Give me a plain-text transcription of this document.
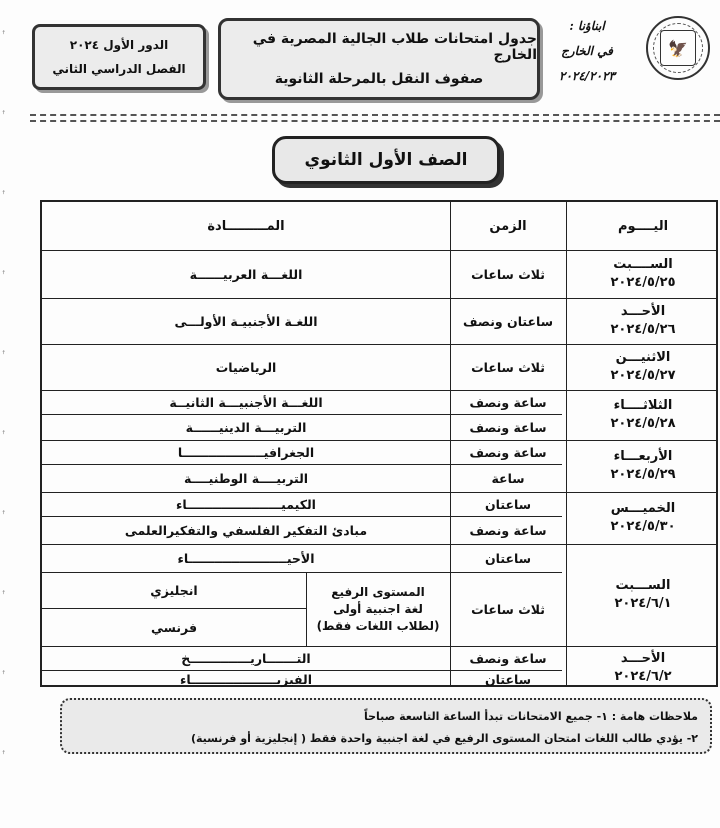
ꜛ
ꜛ
ꜛ
ꜛ
ꜛ
ꜛ
ꜛ
ꜛ
ꜛ
ꜛ
🦅
ابناؤنا :
في الخارج
٢٠٢٤/٢٠٢٣
جدول امتحانات طلاب الجالية المصرية في الخارج
صفوف النقل بالمرحلة الثانوية
الدور الأول ٢٠٢٤
الفصل الدراسي الثاني
الصف الأول الثانوي
اليــــوم
الزمن
المـــــــــادة
الســــبت
٢٠٢٤/٥/٢٥
ثلاث ساعات
اللغـــة العربيــــــة
الأحـــد
٢٠٢٤/٥/٢٦
ساعتان ونصف
اللغـة الأجنبيـة الأولـــى
الاثنيـــن
٢٠٢٤/٥/٢٧
ثلاث ساعات
الرياضيات
الثلاثــــاء
٢٠٢٤/٥/٢٨
ساعة ونصف
اللغـــة الأجنبيـــة الثانيــة
ساعة ونصف
التربيـــة الدينيــــــة
الأربعـــاء
٢٠٢٤/٥/٢٩
ساعة ونصف
الجغرافيـــــــــــــــــــا
ساعة
التربيــــة الوطنيــــة
الخميـــس
٢٠٢٤/٥/٣٠
ساعتان
الكيميــــــــــــــــــــــاء
ساعة ونصف
مبادئ التفكير الفلسفي والتفكيرالعلمى
الســـبت
٢٠٢٤/٦/١
ساعتان
الأحيـــــــــــــــــــــــاء
ثلاث ساعات
المستوى الرفيع
لغة اجنبية أولى
(لطلاب اللغات فقط)
انجليزي
فرنسي
الأحـــد
٢٠٢٤/٦/٢
ساعة ونصف
التـــــــاريــــــــــــــخ
ساعتان
الفيزيــــــــــــــــــــاء
ملاحظات هامة : ١- جميع الامتحانات تبدأ الساعة التاسعة صباحاً
٢- يؤدي طالب اللغات امتحان المستوى الرفيع في لغة اجنبية واحدة فقط ( إنجليزية أو فرنسية)
